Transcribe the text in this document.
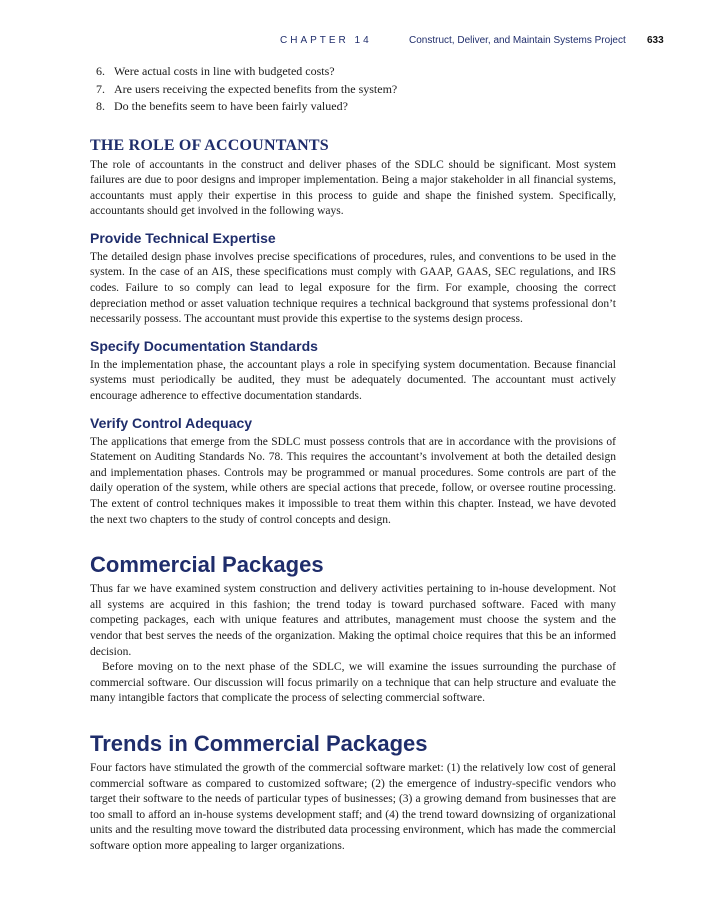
CHAPTER 14	Construct, Deliver, and Maintain Systems Project 633
6. Were actual costs in line with budgeted costs?
7. Are users receiving the expected benefits from the system?
8. Do the benefits seem to have been fairly valued?
THE ROLE OF ACCOUNTANTS

The role of accountants in the construct and deliver phases of the SDLC should be significant. Most system failures are due to poor designs and improper implementation. Being a major stakeholder in all financial systems, accountants must apply their expertise in this process to guide and shape the finished system. Specifically, accountants should get involved in the following ways.

Provide Technical Expertise

The detailed design phase involves precise specifications of procedures, rules, and conventions to be used in the system. In the case of an AIS, these specifications must comply with GAAP, GAAS, SEC regulations, and IRS codes. Failure to so comply can lead to legal exposure for the firm. For example, choosing the correct depreciation method or asset valuation technique requires a technical background that systems professional don’t necessarily possess. The accountant must provide this expertise to the systems design process.

Specify Documentation Standards

In the implementation phase, the accountant plays a role in specifying system documentation. Because financial systems must periodically be audited, they must be adequately documented. The accountant must actively encourage adherence to effective documentation standards.

Verify Control Adequacy

The applications that emerge from the SDLC must possess controls that are in accordance with the provisions of Statement on Auditing Standards No. 78. This requires the accountant’s involvement at both the detailed design and implementation phases. Controls may be programmed or manual procedures. Some controls are part of the daily operation of the system, while others are special actions that precede, follow, or oversee routine processing. The extent of control techniques makes it impossible to treat them within this chapter. Instead, we have devoted the next two chapters to the study of control concepts and design.

Commercial Packages

Thus far we have examined system construction and delivery activities pertaining to in-house development. Not all systems are acquired in this fashion; the trend today is toward purchased software. Faced with many competing packages, each with unique features and attributes, management must choose the system and the vendor that best serves the needs of the organization. Making the optimal choice requires that this be an informed decision.

Before moving on to the next phase of the SDLC, we will examine the issues surrounding the purchase of commercial software. Our discussion will focus primarily on a technique that can help structure and evaluate the many intangible factors that complicate the process of selecting commercial software.

Trends in Commercial Packages

Four factors have stimulated the growth of the commercial software market: (1) the relatively low cost of general commercial software as compared to customized software; (2) the emergence of industry-specific vendors who target their software to the needs of particular types of businesses; (3) a growing demand from businesses that are too small to afford an in-house systems development staff; and (4) the trend toward downsizing of organizational units and the resulting move toward the distributed data processing environment, which has made the commercial software option more appealing to larger organizations.
